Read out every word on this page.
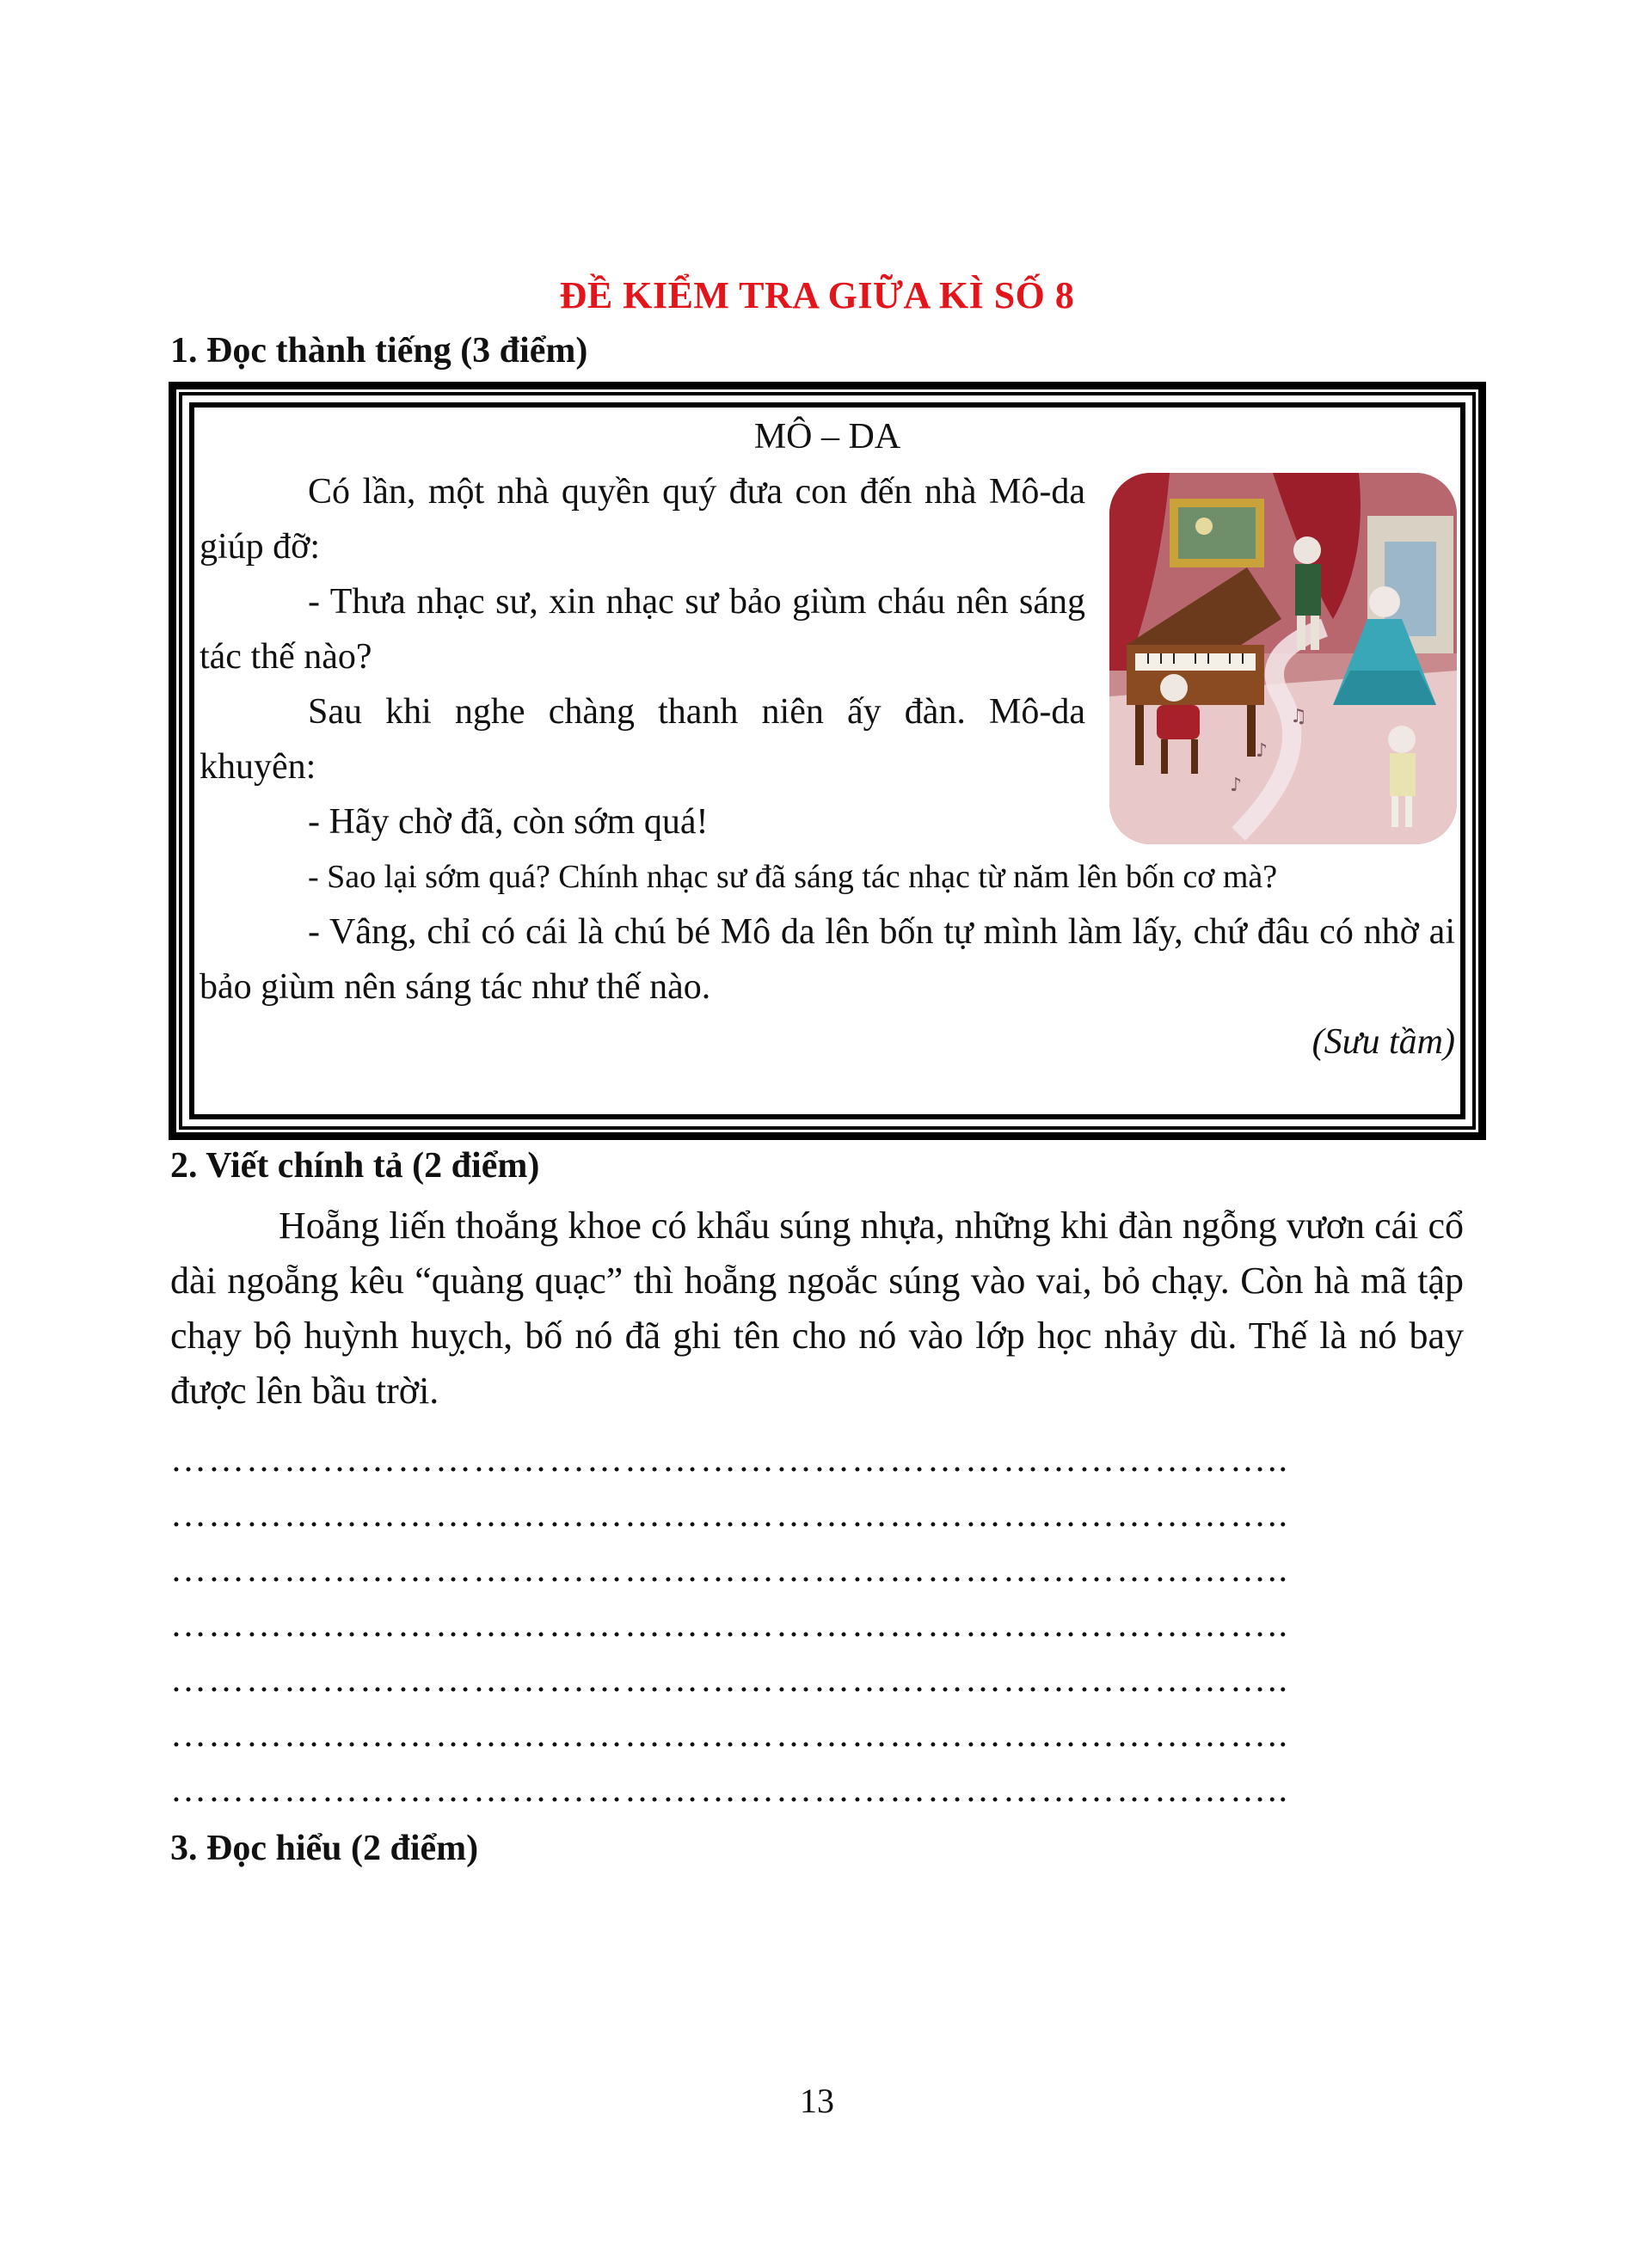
ĐỀ KIỂM TRA GIỮA KÌ SỐ 8
1. Đọc thành tiếng (3 điểm)
MÔ – DA

Có lần, một nhà quyền quý đưa con đến nhà Mô-da giúp đỡ:

- Thưa nhạc sư, xin nhạc sư bảo giùm cháu nên sáng tác thế nào?

Sau khi nghe chàng thanh niên ấy đàn. Mô-da khuyên:

- Hãy chờ đã, còn sớm quá!

- Sao lại sớm quá? Chính nhạc sư đã sáng tác nhạc từ năm lên bốn cơ mà?

- Vâng, chỉ có cái là chú bé Mô da lên bốn tự mình làm lấy, chứ đâu có nhờ ai bảo giùm nên sáng tác như thế nào.

(Sưu tầm)
♪
♫
♪
2. Viết chính tả (2 điểm)

Hoẵng liến thoắng khoe có khẩu súng nhựa, những khi đàn ngỗng vươn cái cổ dài ngoẵng kêu “quàng quạc” thì hoẵng ngoắc súng vào vai, bỏ chạy. Còn hà mã tập chạy bộ huỳnh huỵch, bố nó đã ghi tên cho nó vào lớp học nhảy dù. Thế là nó bay được lên bầu trời.

……………………………………………………………………………..
……………………………………………………………………………..
……………………………………………………………………………..
……………………………………………………………………………..
……………………………………………………………………………..
……………………………………………………………………………..
……………………………………………………………………………..
3. Đọc hiểu (2 điểm)
13
